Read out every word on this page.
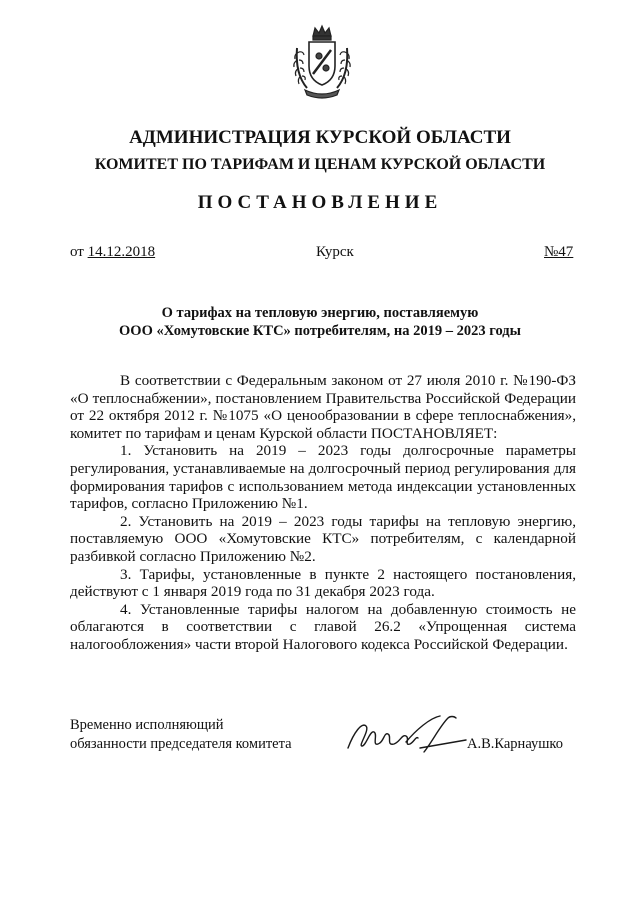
АДМИНИСТРАЦИЯ КУРСКОЙ ОБЛАСТИ
КОМИТЕТ ПО ТАРИФАМ И ЦЕНАМ КУРСКОЙ ОБЛАСТИ
ПОСТАНОВЛЕНИЕ
от 14.12.2018	Курск	№47
О тарифах на тепловую энергию, поставляемую
ООО «Хомутовские КТС» потребителям, на 2019 – 2023 годы

В соответствии с Федеральным законом от 27 июля 2010 г. №190-ФЗ «О теплоснабжении», постановлением Правительства Российской Федерации от 22 октября 2012 г. №1075 «О ценообразовании в сфере теплоснабжения», комитет по тарифам и ценам Курской области ПОСТАНОВЛЯЕТ:

1. Установить на 2019 – 2023 годы долгосрочные параметры регулирования, устанавливаемые на долгосрочный период регулирования для формирования тарифов с использованием метода индексации установленных тарифов, согласно Приложению №1.

2. Установить на 2019 – 2023 годы тарифы на тепловую энергию, поставляемую ООО «Хомутовские КТС» потребителям, с календарной разбивкой согласно Приложению №2.

3. Тарифы, установленные в пункте 2 настоящего постановления, действуют с 1 января 2019 года по 31 декабря 2023 года.

4. Установленные тарифы налогом на добавленную стоимость не облагаются в соответствии с главой 26.2 «Упрощенная система налогообложения» части второй Налогового кодекса Российской Федерации.

Временно исполняющий
обязанности председателя комитета	А.В.Карнаушко
